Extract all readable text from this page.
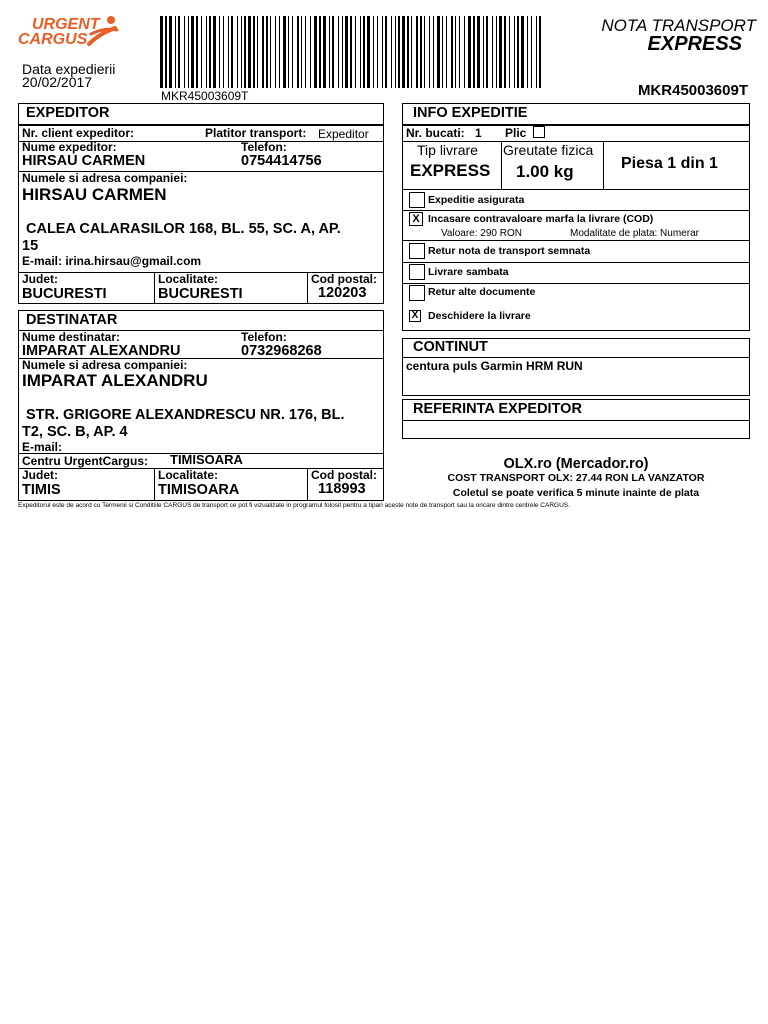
URGENT
CARGUS
Data expedierii
20/02/2017
MKR45003609T
NOTA TRANSPORT
EXPRESS
MKR45003609T
EXPEDITOR
Nr. client expeditor:	Platitor transport: Expeditor
Nume expeditor:
HIRSAU CARMEN
Telefon:
0754414756
Numele si adresa companiei:
HIRSAU CARMEN
CALEA CALARASILOR 168, BL. 55, SC. A, AP.
15
E-mail: irina.hirsau@gmail.com
Judet:
BUCURESTI
Localitate:
BUCURESTI
Cod postal:
120203
DESTINATAR
Nume destinatar:
IMPARAT ALEXANDRU
Telefon:
0732968268
Numele si adresa companiei:
IMPARAT ALEXANDRU
STR. GRIGORE ALEXANDRESCU NR. 176, BL.
T2, SC. B, AP. 4
E-mail:
Centru UrgentCargus: TIMISOARA
Judet:
TIMIS
Localitate:
TIMISOARA
Cod postal:
118993
INFO EXPEDITIE
Nr. bucati: 1 Plic
Tip livrare
EXPRESS
Greutate fizica
1.00 kg	Piesa 1 din 1
Expeditie asigurata
X Incasare contravaloare marfa la livrare (COD)
Valoare: 290 RON	Modalitate de plata: Numerar
Retur nota de transport semnata
Livrare sambata
Retur alte documente
X Deschidere la livrare
CONTINUT
centura puls Garmin HRM RUN
REFERINTA EXPEDITOR
OLX.ro (Mercador.ro)
COST TRANSPORT OLX: 27.44 RON LA VANZATOR
Coletul se poate verifica 5 minute inainte de plata
Expeditorul este de acord cu Termenii si Conditiile CARGUS de transport ce pot fi vizualizate in programul folosit pentru a tipari aceste note de transport sau la oricare dintre centrele CARGUS.
